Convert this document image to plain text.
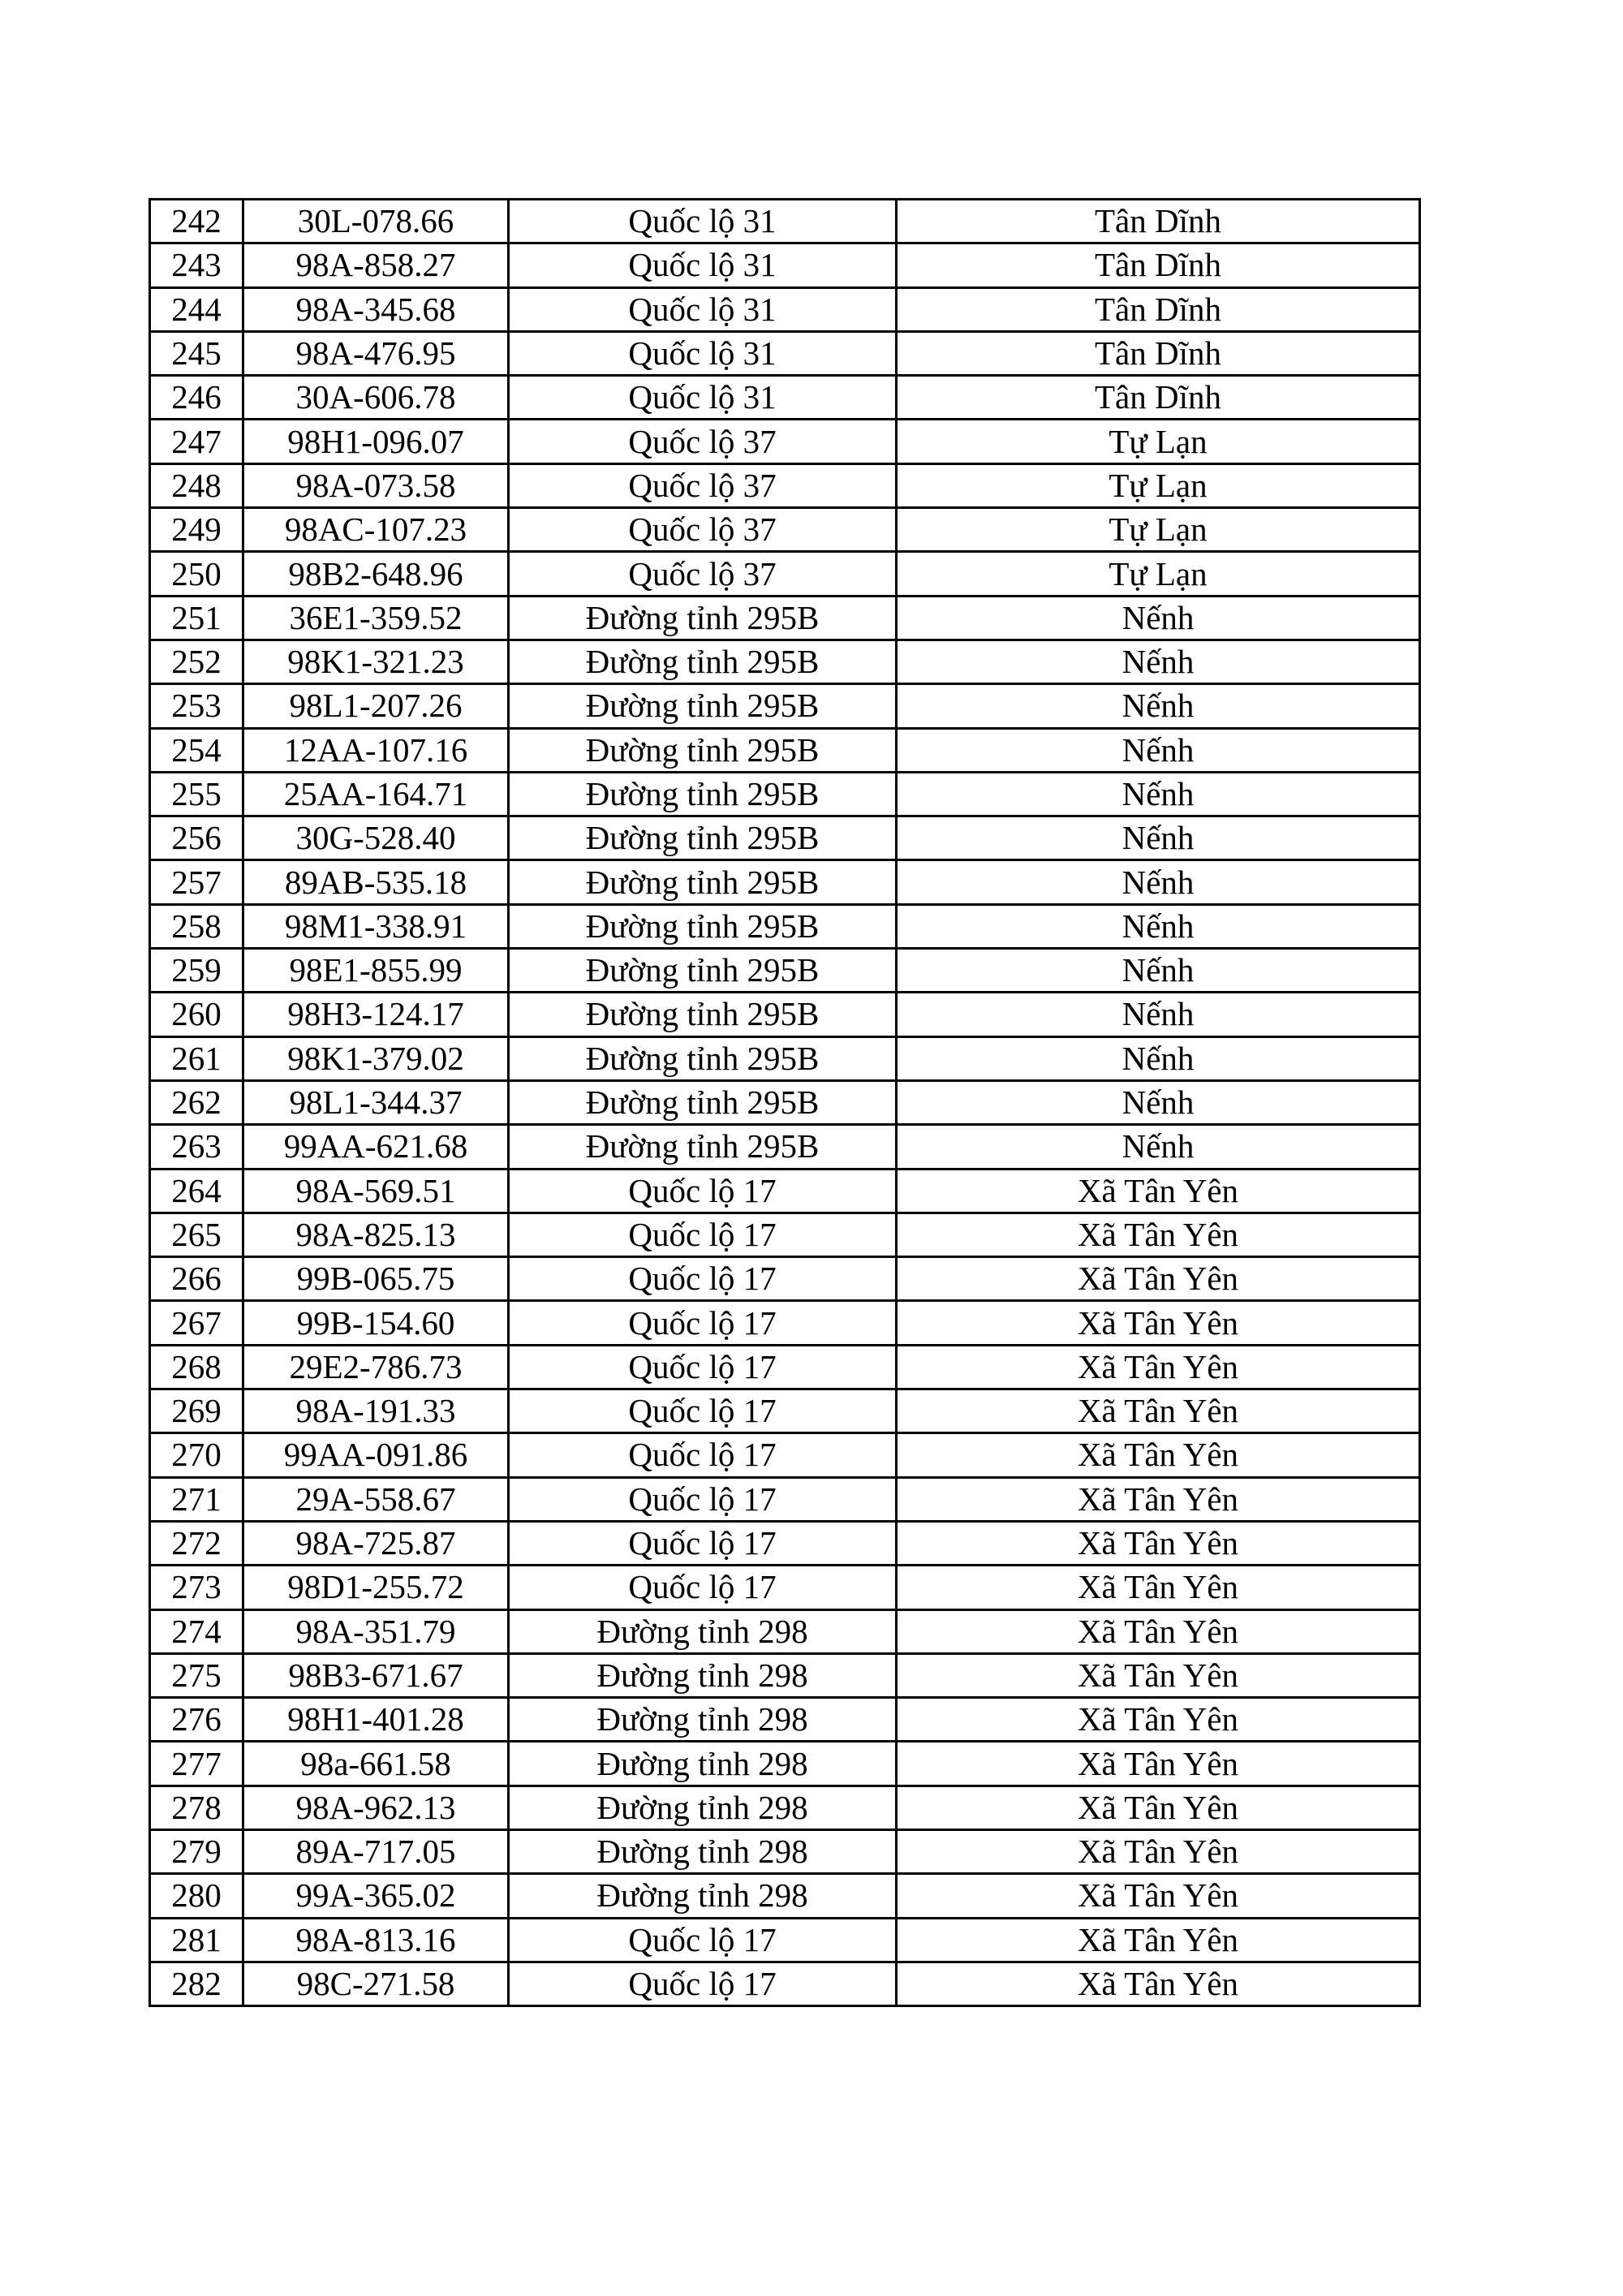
242	30L-078.66	Quốc lộ 31	Tân Dĩnh
243	98A-858.27	Quốc lộ 31	Tân Dĩnh
244	98A-345.68	Quốc lộ 31	Tân Dĩnh
245	98A-476.95	Quốc lộ 31	Tân Dĩnh
246	30A-606.78	Quốc lộ 31	Tân Dĩnh
247	98H1-096.07	Quốc lộ 37	Tự Lạn
248	98A-073.58	Quốc lộ 37	Tự Lạn
249	98AC-107.23	Quốc lộ 37	Tự Lạn
250	98B2-648.96	Quốc lộ 37	Tự Lạn
251	36E1-359.52	Đường tỉnh 295B	Nếnh
252	98K1-321.23	Đường tỉnh 295B	Nếnh
253	98L1-207.26	Đường tỉnh 295B	Nếnh
254	12AA-107.16	Đường tỉnh 295B	Nếnh
255	25AA-164.71	Đường tỉnh 295B	Nếnh
256	30G-528.40	Đường tỉnh 295B	Nếnh
257	89AB-535.18	Đường tỉnh 295B	Nếnh
258	98M1-338.91	Đường tỉnh 295B	Nếnh
259	98E1-855.99	Đường tỉnh 295B	Nếnh
260	98H3-124.17	Đường tỉnh 295B	Nếnh
261	98K1-379.02	Đường tỉnh 295B	Nếnh
262	98L1-344.37	Đường tỉnh 295B	Nếnh
263	99AA-621.68	Đường tỉnh 295B	Nếnh
264	98A-569.51	Quốc lộ 17	Xã Tân Yên
265	98A-825.13	Quốc lộ 17	Xã Tân Yên
266	99B-065.75	Quốc lộ 17	Xã Tân Yên
267	99B-154.60	Quốc lộ 17	Xã Tân Yên
268	29E2-786.73	Quốc lộ 17	Xã Tân Yên
269	98A-191.33	Quốc lộ 17	Xã Tân Yên
270	99AA-091.86	Quốc lộ 17	Xã Tân Yên
271	29A-558.67	Quốc lộ 17	Xã Tân Yên
272	98A-725.87	Quốc lộ 17	Xã Tân Yên
273	98D1-255.72	Quốc lộ 17	Xã Tân Yên
274	98A-351.79	Đường tỉnh 298	Xã Tân Yên
275	98B3-671.67	Đường tỉnh 298	Xã Tân Yên
276	98H1-401.28	Đường tỉnh 298	Xã Tân Yên
277	98a-661.58	Đường tỉnh 298	Xã Tân Yên
278	98A-962.13	Đường tỉnh 298	Xã Tân Yên
279	89A-717.05	Đường tỉnh 298	Xã Tân Yên
280	99A-365.02	Đường tỉnh 298	Xã Tân Yên
281	98A-813.16	Quốc lộ 17	Xã Tân Yên
282	98C-271.58	Quốc lộ 17	Xã Tân Yên
